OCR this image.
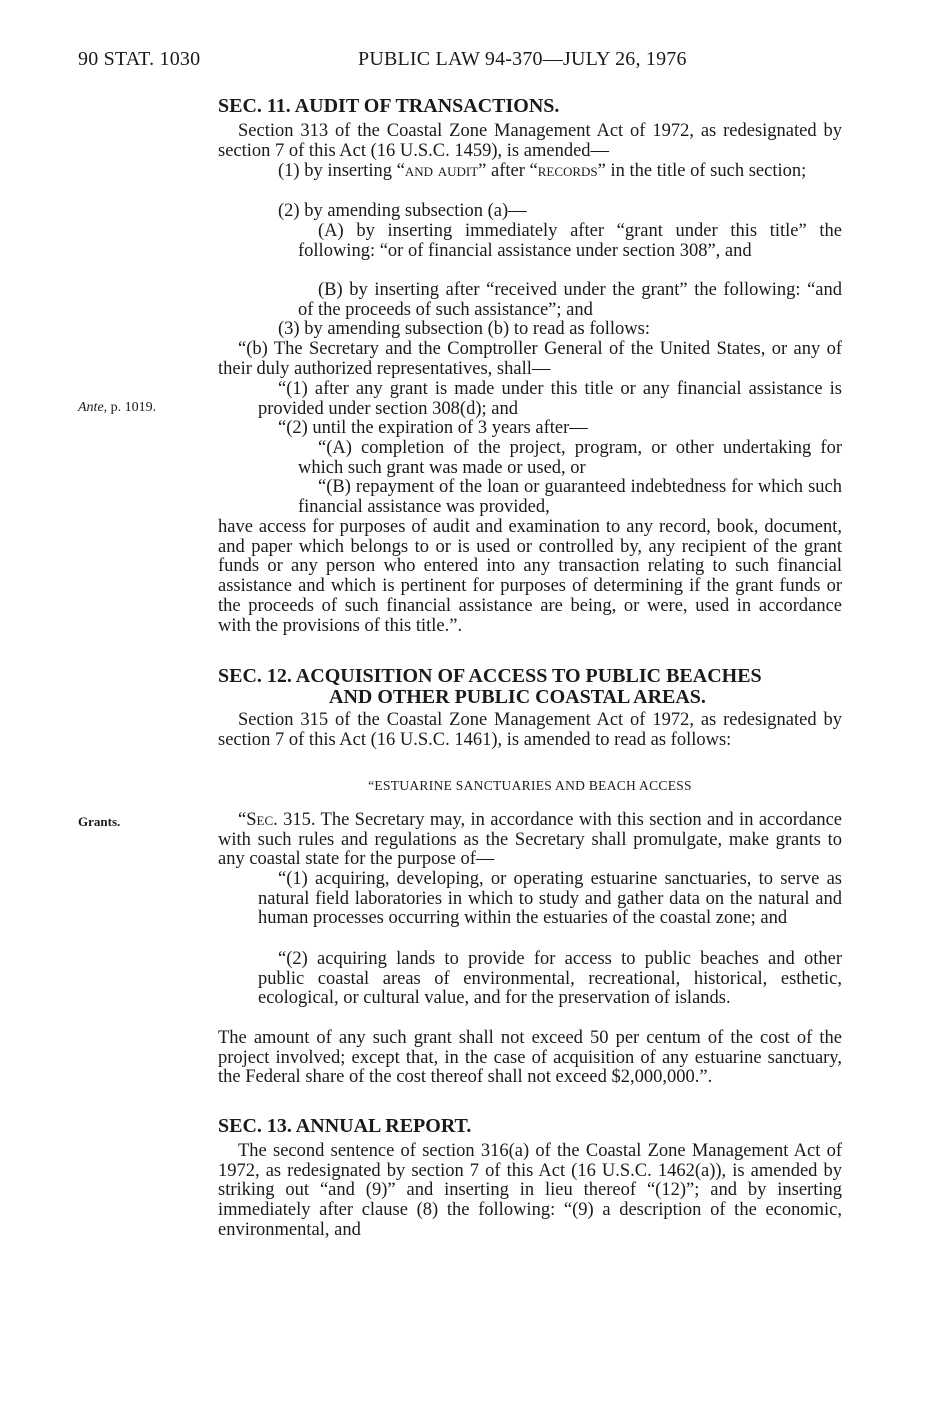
90 STAT. 1030	PUBLIC LAW 94-370—JULY 26, 1976
Ante, p. 1019.
Grants.
SEC. 11. AUDIT OF TRANSACTIONS.
Section 313 of the Coastal Zone Management Act of 1972, as redesignated by section 7 of this Act (16 U.S.C. 1459), is amended—
(1) by inserting “and audit” after “records” in the title of such section;
(2) by amending subsection (a)—
(A) by inserting immediately after “grant under this title” the following: “or of financial assistance under section 308”, and
(B) by inserting after “received under the grant” the following: “and of the proceeds of such assistance”; and
(3) by amending subsection (b) to read as follows:
“(b) The Secretary and the Comptroller General of the United States, or any of their duly authorized representatives, shall—
“(1) after any grant is made under this title or any financial assistance is provided under section 308(d); and
“(2) until the expiration of 3 years after—
“(A) completion of the project, program, or other undertaking for which such grant was made or used, or
“(B) repayment of the loan or guaranteed indebtedness for which such financial assistance was provided,
have access for purposes of audit and examination to any record, book, document, and paper which belongs to or is used or controlled by, any recipient of the grant funds or any person who entered into any transaction relating to such financial assistance and which is pertinent for purposes of determining if the grant funds or the proceeds of such financial assistance are being, or were, used in accordance with the provisions of this title.”.
SEC. 12. ACQUISITION OF ACCESS TO PUBLIC BEACHES
AND OTHER PUBLIC COASTAL AREAS.
Section 315 of the Coastal Zone Management Act of 1972, as redesignated by section 7 of this Act (16 U.S.C. 1461), is amended to read as follows:
“ESTUARINE SANCTUARIES AND BEACH ACCESS
“Sec. 315. The Secretary may, in accordance with this section and in accordance with such rules and regulations as the Secretary shall promulgate, make grants to any coastal state for the purpose of—
“(1) acquiring, developing, or operating estuarine sanctuaries, to serve as natural field laboratories in which to study and gather data on the natural and human processes occurring within the estuaries of the coastal zone; and
“(2) acquiring lands to provide for access to public beaches and other public coastal areas of environmental, recreational, historical, esthetic, ecological, or cultural value, and for the preservation of islands.
The amount of any such grant shall not exceed 50 per centum of the cost of the project involved; except that, in the case of acquisition of any estuarine sanctuary, the Federal share of the cost thereof shall not exceed $2,000,000.”.
SEC. 13. ANNUAL REPORT.
The second sentence of section 316(a) of the Coastal Zone Management Act of 1972, as redesignated by section 7 of this Act (16 U.S.C. 1462(a)), is amended by striking out “and (9)” and inserting in lieu thereof “(12)”; and by inserting immediately after clause (8) the following: “(9) a description of the economic, environmental, and
